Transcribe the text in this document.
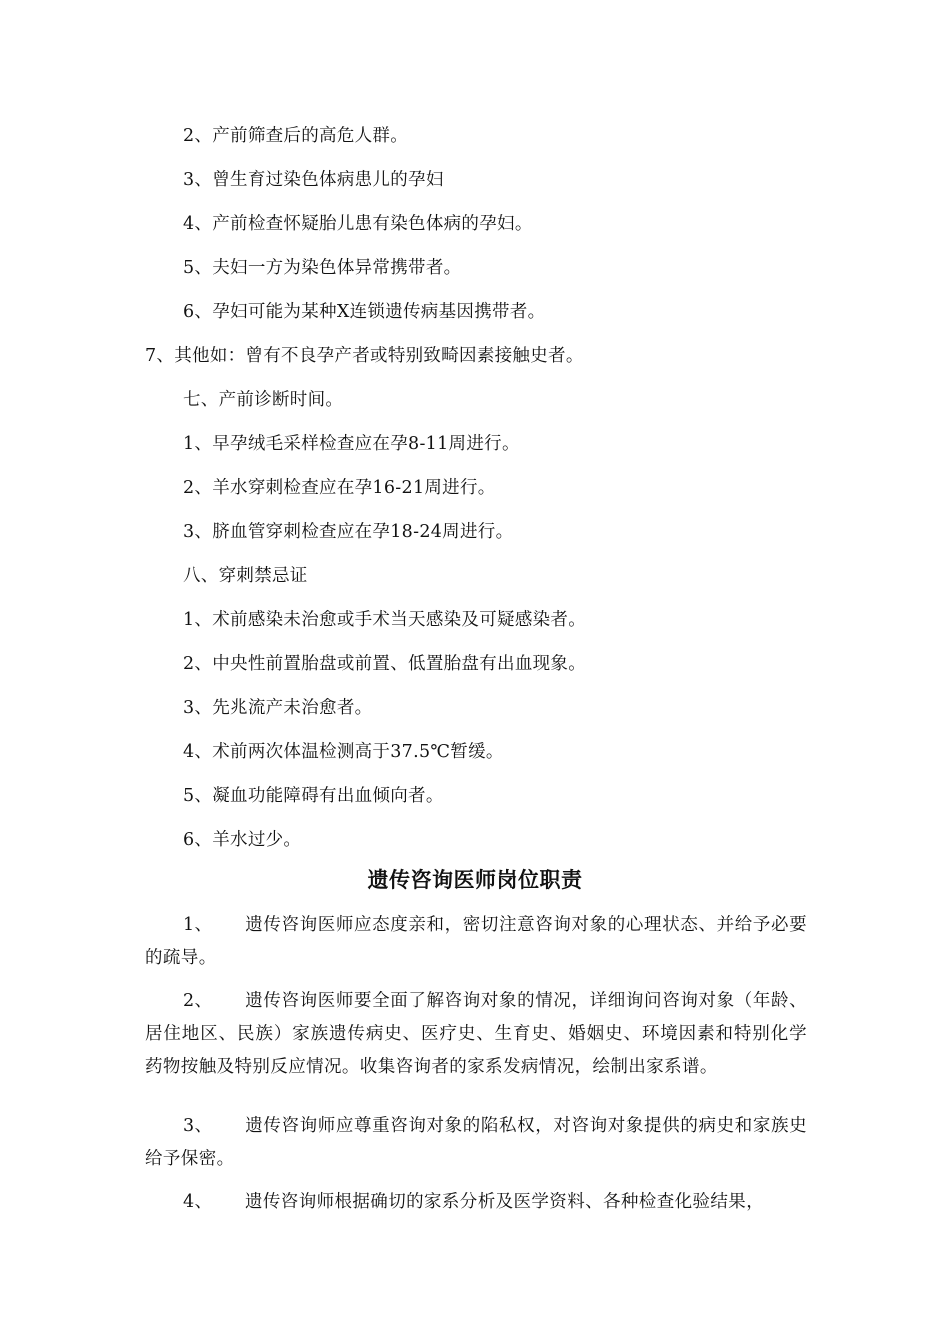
2、产前筛查后的高危人群。
3、曾生育过染色体病患儿的孕妇
4、产前检查怀疑胎儿患有染色体病的孕妇。
5、夫妇一方为染色体异常携带者。
6、孕妇可能为某种X连锁遗传病基因携带者。
7、其他如：曾有不良孕产者或特别致畸因素接触史者。
七、产前诊断时间。
1、早孕绒毛采样检查应在孕8-11周进行。
2、羊水穿刺检查应在孕16-21周进行。
3、脐血管穿刺检查应在孕18-24周进行。
八、穿刺禁忌证
1、术前感染未治愈或手术当天感染及可疑感染者。
2、中央性前置胎盘或前置、低置胎盘有出血现象。
3、先兆流产未治愈者。
4、术前两次体温检测高于37.5℃暂缓。
5、凝血功能障碍有出血倾向者。
6、羊水过少。
遗传咨询医师岗位职责
1、 遗传咨询医师应态度亲和，密切注意咨询对象的心理状态、并给予必要的疏导。
2、 遗传咨询医师要全面了解咨询对象的情况，详细询问咨询对象（年龄、居住地区、民族）家族遗传病史、医疗史、生育史、婚姻史、环境因素和特别化学药物按触及特别反应情况。收集咨询者的家系发病情况，绘制出家系谱。
3、 遗传咨询师应尊重咨询对象的陷私权，对咨询对象提供的病史和家族史给予保密。
4、 遗传咨询师根据确切的家系分析及医学资料、各种检查化验结果，
